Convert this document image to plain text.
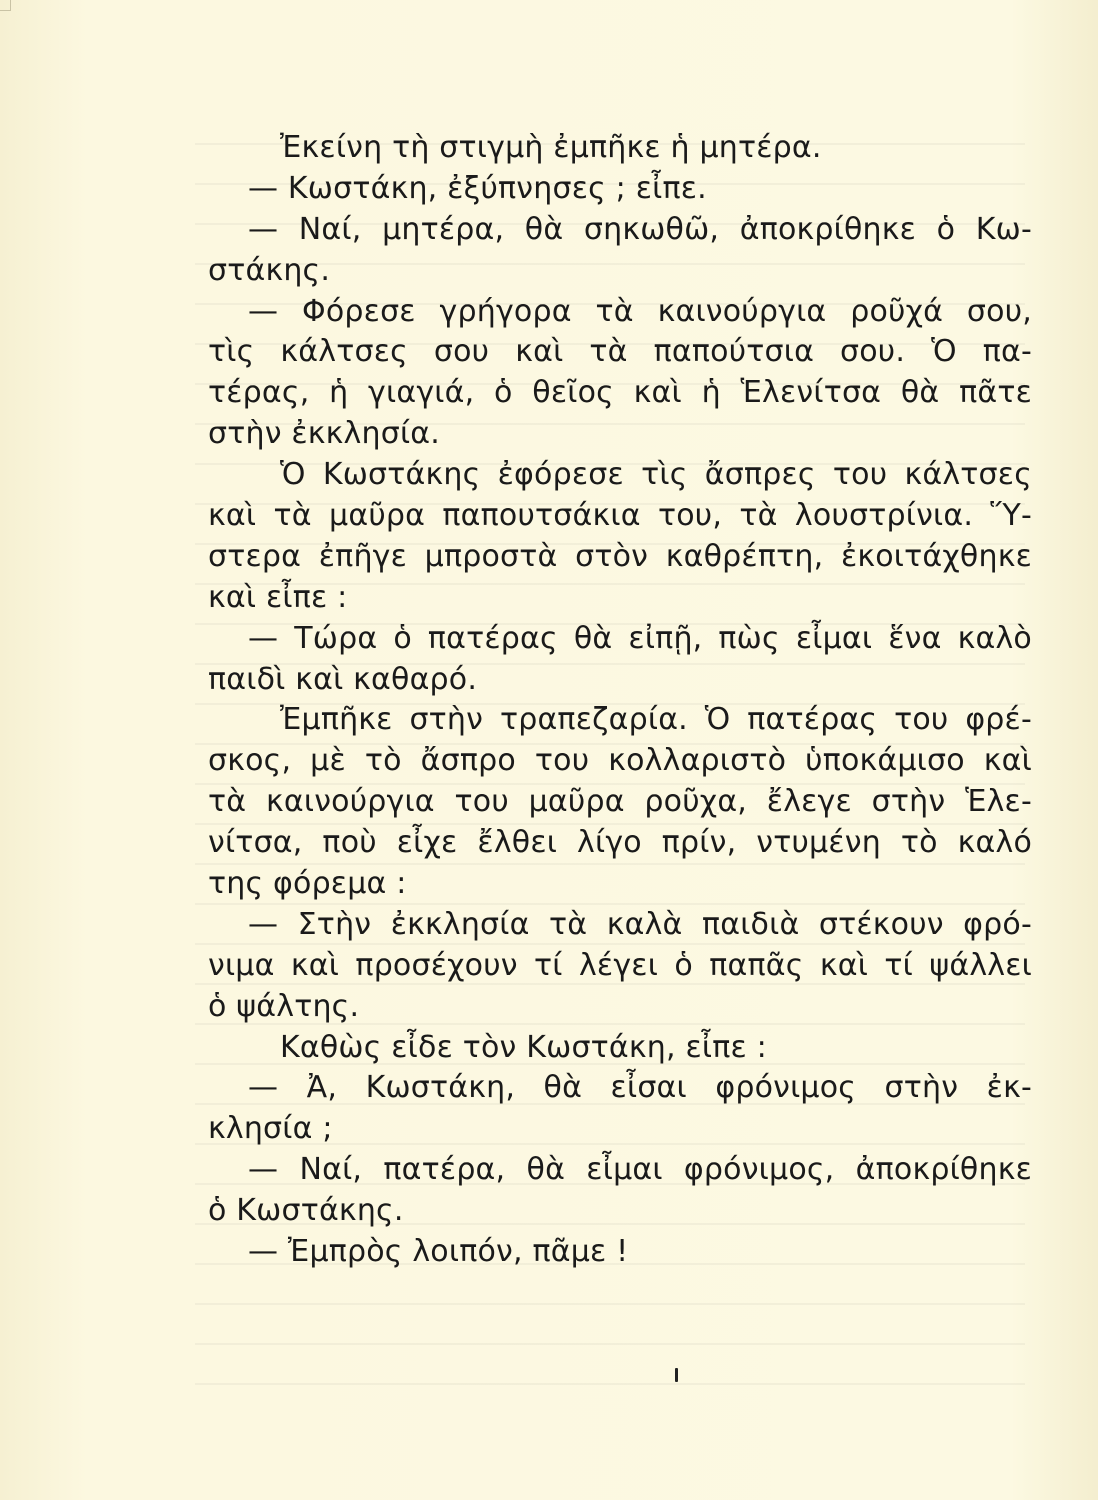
Ἐκείνη τὴ στιγμὴ ἐμπῆκε ἡ μητέρα.
— Κωστάκη, ἐξύπνησες ; εἶπε.
— Ναί, μητέρα, θὰ σηκωθῶ, ἀποκρίθηκε ὁ Κω-
στάκης.
— Φόρεσε γρήγορα τὰ καινούργια ροῦχά σου,
τὶς κάλτσες σου καὶ τὰ παπούτσια σου. Ὁ πα-
τέρας, ἡ γιαγιά, ὁ θεῖος καὶ ἡ Ἑλενίτσα θὰ πᾶτε
στὴν ἐκκλησία.
Ὁ Κωστάκης ἐφόρεσε τὶς ἄσπρες του κάλτσες
καὶ τὰ μαῦρα παπουτσάκια του, τὰ λουστρίνια. Ὕ-
στερα ἐπῆγε μπροστὰ στὸν καθρέπτη, ἐκοιτάχθηκε
καὶ εἶπε :
— Τώρα ὁ πατέρας θὰ εἰπῇ, πὼς εἶμαι ἕνα καλὸ
παιδὶ καὶ καθαρό.
Ἐμπῆκε στὴν τραπεζαρία. Ὁ πατέρας του φρέ-
σκος, μὲ τὸ ἄσπρο του κολλαριστὸ ὑποκάμισο καὶ
τὰ καινούργια του μαῦρα ροῦχα, ἔλεγε στὴν Ἑλε-
νίτσα, ποὺ εἶχε ἔλθει λίγο πρίν, ντυμένη τὸ καλό
της φόρεμα :
— Στὴν ἐκκλησία τὰ καλὰ παιδιὰ στέκουν φρό-
νιμα καὶ προσέχουν τί λέγει ὁ παπᾶς καὶ τί ψάλλει
ὁ ψάλτης.
Καθὼς εἶδε τὸν Κωστάκη, εἶπε :
— Ἀ, Κωστάκη, θὰ εἶσαι φρόνιμος στὴν ἐκ-
κλησία ;
— Ναί, πατέρα, θὰ εἶμαι φρόνιμος, ἀποκρίθηκε
ὁ Κωστάκης.
— Ἐμπρὸς λοιπόν, πᾶμε !
